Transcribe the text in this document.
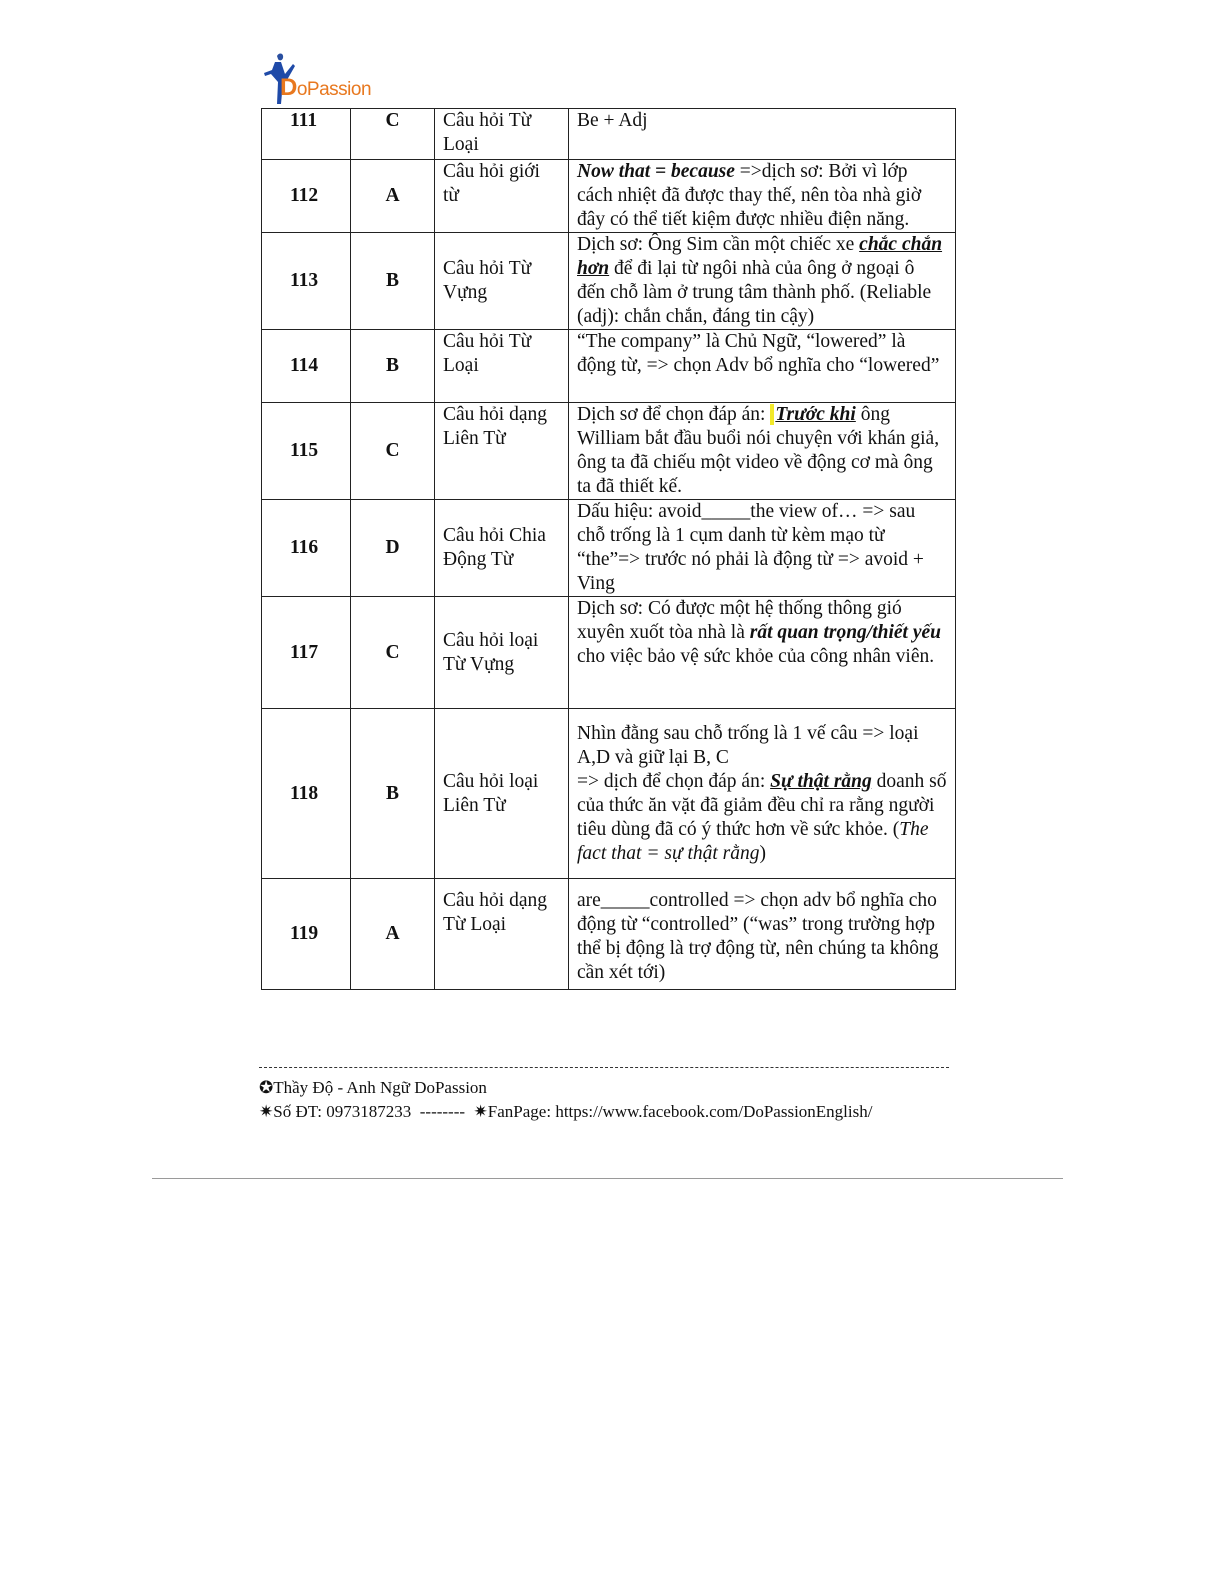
DoPassion
111	C	Câu hỏi Từ Loại	Be + Adj
112	A	Câu hỏi giới từ	Now that = because =>dịch sơ: Bởi vì lớp cách nhiệt đã được thay thế, nên tòa nhà giờ đây có thể tiết kiệm được nhiều điện năng.
113	B	Câu hỏi Từ Vựng	Dịch sơ: Ông Sim cần một chiếc xe chắc chắn hơn để đi lại từ ngôi nhà của ông ở ngoại ô đến chỗ làm ở trung tâm thành phố. (Reliable (adj): chắn chắn, đáng tin cậy)
114	B	Câu hỏi Từ Loại	“The company” là Chủ Ngữ, “lowered” là động từ, => chọn Adv bổ nghĩa cho “lowered”
115	C	Câu hỏi dạng Liên Từ	Dịch sơ để chọn đáp án: Trước khi ông William bắt đầu buổi nói chuyện với khán giả, ông ta đã chiếu một video về động cơ mà ông ta đã thiết kế.
116	D	Câu hỏi Chia Động Từ	Dấu hiệu: avoid_____the view of… => sau chỗ trống là 1 cụm danh từ kèm mạo từ “the”=> trước nó phải là động từ => avoid + Ving
117	C	Câu hỏi loại Từ Vựng	Dịch sơ: Có được một hệ thống thông gió xuyên xuốt tòa nhà là rất quan trọng/thiết yếu cho việc bảo vệ sức khỏe của công nhân viên.
118	B	Câu hỏi loại Liên Từ	Nhìn đằng sau chỗ trống là 1 vế câu => loại A,D và giữ lại B, C
=> dịch để chọn đáp án: Sự thật rằng doanh số của thức ăn vặt đã giảm đều chỉ ra rằng người tiêu dùng đã có ý thức hơn về sức khỏe. (The fact that = sự thật rằng)
119	A	Câu hỏi dạng Từ Loại	are_____controlled => chọn adv bổ nghĩa cho động từ “controlled” (“was” trong trường hợp thể bị động là trợ động từ, nên chúng ta không cần xét tới)
✪Thầy Độ - Anh Ngữ DoPassion
✷Số ĐT: 0973187233 -------- ✷FanPage: https://www.facebook.com/DoPassionEnglish/
